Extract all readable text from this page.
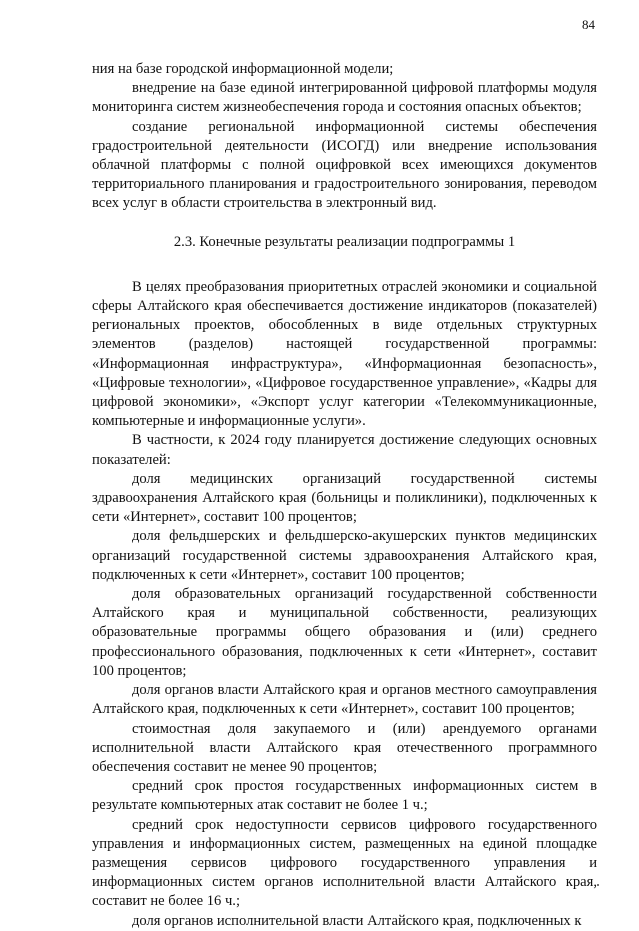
84

ния на базе городской информационной модели;

внедрение на базе единой интегрированной цифровой платформы модуля мониторинга систем жизнеобеспечения города и состояния опасных объектов;

создание региональной информационной системы обеспечения градостроительной деятельности (ИСОГД) или внедрение использования облачной платформы с полной оцифровкой всех имеющихся документов территориального планирования и градостроительного зонирования, переводом всех услуг в области строительства в электронный вид.

2.3. Конечные результаты реализации подпрограммы 1

В целях преобразования приоритетных отраслей экономики и социальной сферы Алтайского края обеспечивается достижение индикаторов (показателей) региональных проектов, обособленных в виде отдельных структурных элементов (разделов) настоящей государственной программы: «Информационная инфраструктура», «Информационная безопасность», «Цифровые технологии», «Цифровое государственное управление», «Кадры для цифровой экономики», «Экспорт услуг категории «Телекоммуникационные, компьютерные и информационные услуги».

В частности, к 2024 году планируется достижение следующих основных показателей:

доля медицинских организаций государственной системы здравоохранения Алтайского края (больницы и поликлиники), подключенных к сети «Интернет», составит 100 процентов;

доля фельдшерских и фельдшерско-акушерских пунктов медицинских организаций государственной системы здравоохранения Алтайского края, подключенных к сети «Интернет», составит 100 процентов;

доля образовательных организаций государственной собственности Алтайского края и муниципальной собственности, реализующих образовательные программы общего образования и (или) среднего профессионального образования, подключенных к сети «Интернет», составит 100 процентов;

доля органов власти Алтайского края и органов местного самоуправления Алтайского края, подключенных к сети «Интернет», составит 100 процентов;

стоимостная доля закупаемого и (или) арендуемого органами исполнительной власти Алтайского края отечественного программного обеспечения составит не менее 90 процентов;

средний срок простоя государственных информационных систем в результате компьютерных атак составит не более 1 ч.;

средний срок недоступности сервисов цифрового государственного управления и информационных систем, размещенных на единой площадке размещения сервисов цифрового государственного управления и информационных систем органов исполнительной власти Алтайского края, составит не более 16 ч.;

доля органов исполнительной власти Алтайского края, подключенных к
